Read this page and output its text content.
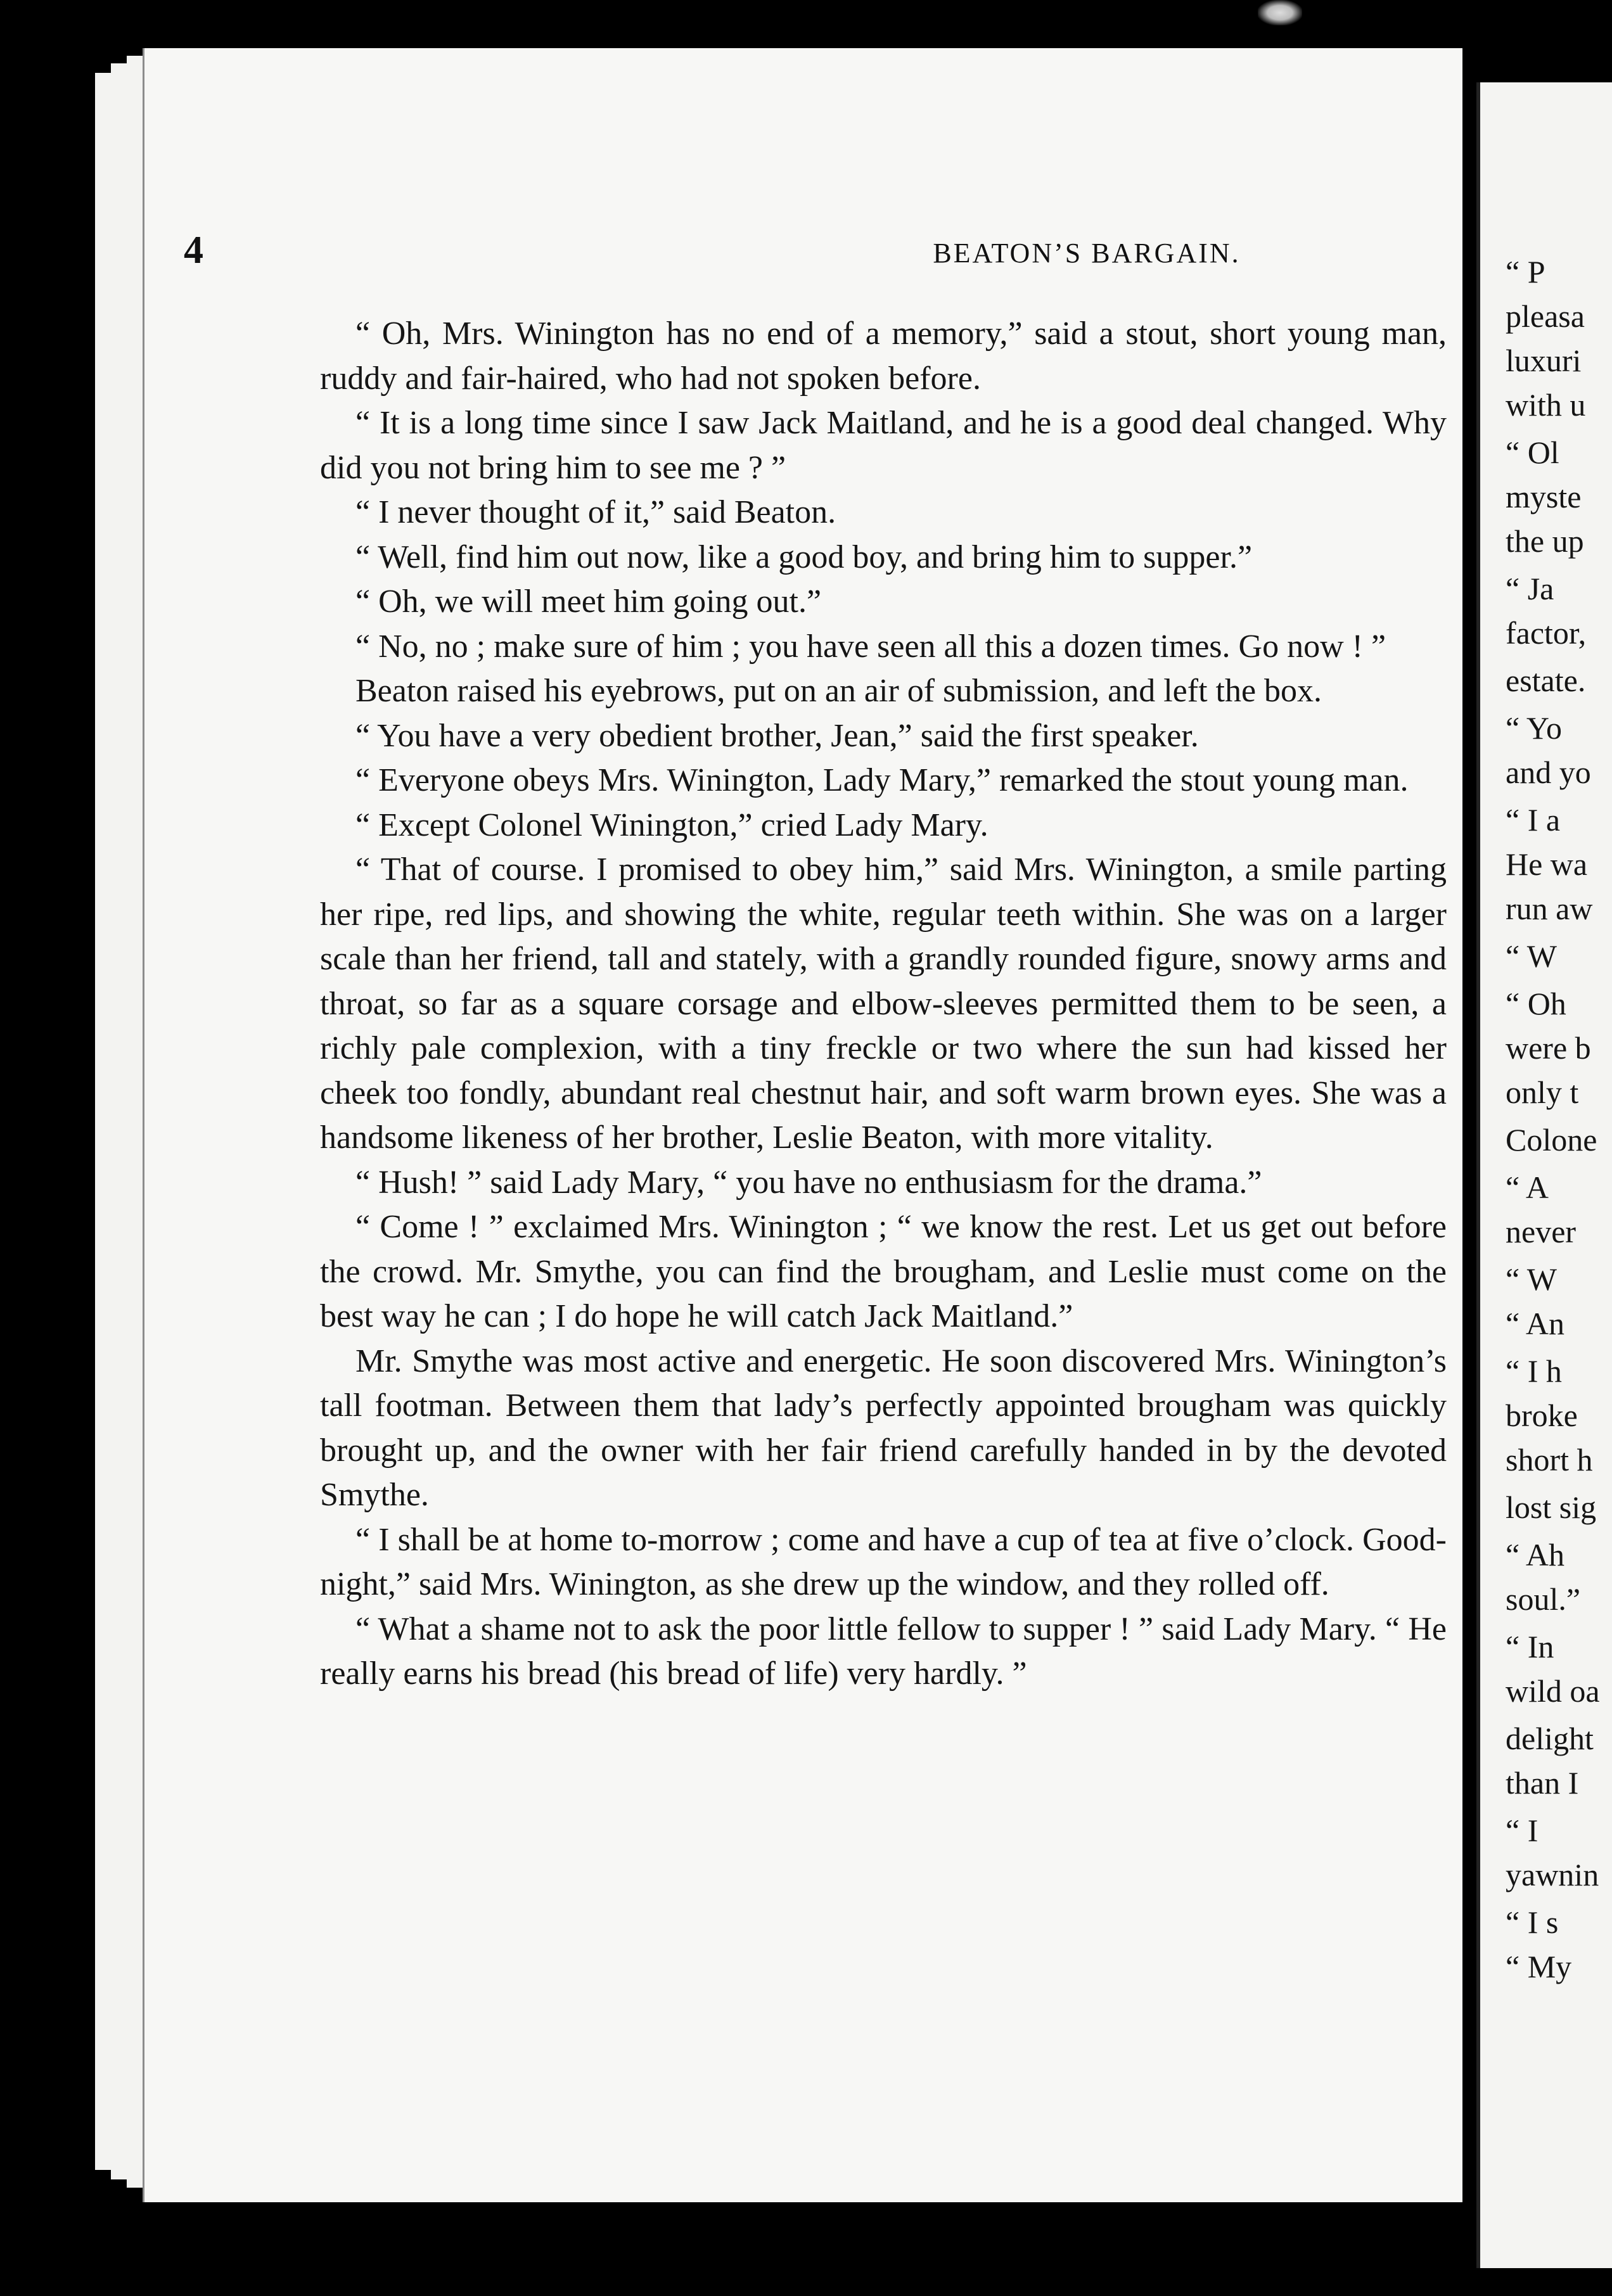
4	BEATON’S BARGAIN.

“ Oh, Mrs. Winington has no end of a memory,” said a stout, short young man, ruddy and fair-haired, who had not spoken before.

“ It is a long time since I saw Jack Maitland, and he is a good deal changed. Why did you not bring him to see me ? ”

“ I never thought of it,” said Beaton.

“ Well, find him out now, like a good boy, and bring him to supper.”

“ Oh, we will meet him going out.”

“ No, no ; make sure of him ; you have seen all this a dozen times. Go now ! ”

Beaton raised his eyebrows, put on an air of submission, and left the box.

“ You have a very obedient brother, Jean,” said the first speaker.

“ Everyone obeys Mrs. Winington, Lady Mary,” remarked the stout young man.

“ Except Colonel Winington,” cried Lady Mary.

“ That of course. I promised to obey him,” said Mrs. Winington, a smile parting her ripe, red lips, and showing the white, regular teeth within. She was on a larger scale than her friend, tall and stately, with a grandly rounded figure, snowy arms and throat, so far as a square corsage and elbow-sleeves permitted them to be seen, a richly pale complexion, with a tiny freckle or two where the sun had kissed her cheek too fondly, abundant real chestnut hair, and soft warm brown eyes. She was a handsome likeness of her brother, Leslie Beaton, with more vitality.

“ Hush! ” said Lady Mary, “ you have no enthusiasm for the drama.”

“ Come ! ” exclaimed Mrs. Winington ; “ we know the rest. Let us get out before the crowd. Mr. Smythe, you can find the brougham, and Leslie must come on the best way he can ; I do hope he will catch Jack Maitland.”

Mr. Smythe was most active and energetic. He soon discovered Mrs. Winington’s tall footman. Between them that lady’s perfectly appointed brougham was quickly brought up, and the owner with her fair friend carefully handed in by the devoted Smythe.

“ I shall be at home to-morrow ; come and have a cup of tea at five o’clock. Good-night,” said Mrs. Winington, as she drew up the window, and they rolled off.

“ What a shame not to ask the poor little fellow to supper ! ” said Lady Mary. “ He really earns his bread (his bread of life) very hardly. ”

“ P
pleasa
luxuri
with u
“ Ol
myste
the up
“ Ja
factor,
estate.
“ Yo
and yo
“ I a
He wa
run aw
“ W
“ Oh
were b
only t
Colone
“ A
never
“ W
“ An
“ I h
broke
short h
lost sig
“ Ah
soul.”
“ In
wild oa
delight
than I
“ I
yawnin
“ I s
“ My
